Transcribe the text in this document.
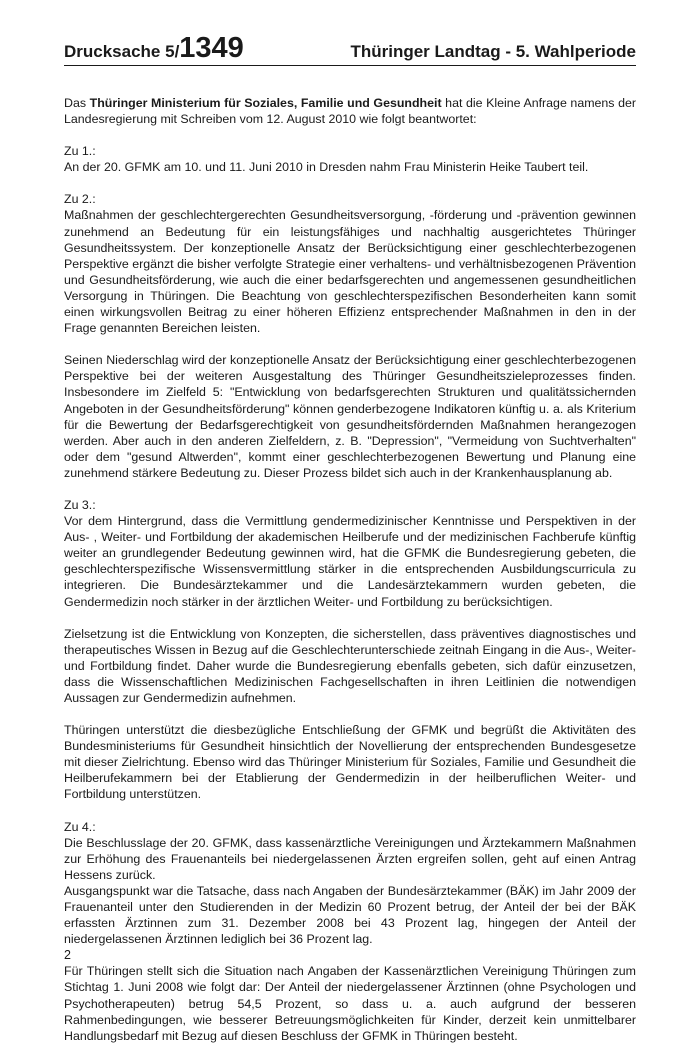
Drucksache 5/1349	Thüringer Landtag - 5. Wahlperiode

Das Thüringer Ministerium für Soziales, Familie und Gesundheit hat die Kleine Anfrage namens der Landesregierung mit Schreiben vom 12. August 2010 wie folgt beantwortet:

Zu 1.:
An der 20. GFMK am 10. und 11. Juni 2010 in Dresden nahm Frau Ministerin Heike Taubert teil.
Zu 2.:
Maßnahmen der geschlechtergerechten Gesundheitsversorgung, -förderung und -prävention gewinnen zunehmend an Bedeutung für ein leistungsfähiges und nachhaltig ausgerichtetes Thüringer Gesundheitssystem. Der konzeptionelle Ansatz der Berücksichtigung einer geschlechterbezogenen Perspektive ergänzt die bisher verfolgte Strategie einer verhaltens- und verhältnisbezogenen Prävention und Gesundheitsförderung, wie auch die einer bedarfsgerechten und angemessenen gesundheitlichen Versorgung in Thüringen. Die Beachtung von geschlechterspezifischen Besonderheiten kann somit einen wirkungsvollen Beitrag zu einer höheren Effizienz entsprechender Maßnahmen in den in der Frage genannten Bereichen leisten.

Seinen Niederschlag wird der konzeptionelle Ansatz der Berücksichtigung einer geschlechterbezogenen Perspektive bei der weiteren Ausgestaltung des Thüringer Gesundheitszieleprozesses finden. Insbesondere im Zielfeld 5: "Entwicklung von bedarfsgerechten Strukturen und qualitätssichernden Angeboten in der Gesundheitsförderung" können genderbezogene Indikatoren künftig u. a. als Kriterium für die Bewertung der Bedarfsgerechtigkeit von gesundheitsfördernden Maßnahmen herangezogen werden. Aber auch in den anderen Zielfeldern, z. B. "Depression", "Vermeidung von Suchtverhalten" oder dem "gesund Altwerden", kommt einer geschlechterbezogenen Bewertung und Planung eine zunehmend stärkere Bedeutung zu. Dieser Prozess bildet sich auch in der Krankenhausplanung ab.

Zu 3.:
Vor dem Hintergrund, dass die Vermittlung gendermedizinischer Kenntnisse und Perspektiven in der Aus- , Weiter- und Fortbildung der akademischen Heilberufe und der medizinischen Fachberufe künftig weiter an grundlegender Bedeutung gewinnen wird, hat die GFMK die Bundesregierung gebeten, die geschlechterspezifische Wissensvermittlung stärker in die entsprechenden Ausbildungscurricula zu integrieren. Die Bundesärztekammer und die Landesärztekammern wurden gebeten, die Gendermedizin noch stärker in der ärztlichen Weiter- und Fortbildung zu berücksichtigen.

Zielsetzung ist die Entwicklung von Konzepten, die sicherstellen, dass präventives diagnostisches und therapeutisches Wissen in Bezug auf die Geschlechterunterschiede zeitnah Eingang in die Aus-, Weiter- und Fortbildung findet. Daher wurde die Bundesregierung ebenfalls gebeten, sich dafür einzusetzen, dass die Wissenschaftlichen Medizinischen Fachgesellschaften in ihren Leitlinien die notwendigen Aussagen zur Gendermedizin aufnehmen.

Thüringen unterstützt die diesbezügliche Entschließung der GFMK und begrüßt die Aktivitäten des Bundesministeriums für Gesundheit hinsichtlich der Novellierung der entsprechenden Bundesgesetze mit dieser Zielrichtung. Ebenso wird das Thüringer Ministerium für Soziales, Familie und Gesundheit die Heilberufekammern bei der Etablierung der Gendermedizin in der heilberuflichen Weiter- und Fortbildung unterstützen.

Zu 4.:
Die Beschlusslage der 20. GFMK, dass kassenärztliche Vereinigungen und Ärztekammern Maßnahmen zur Erhöhung des Frauenanteils bei niedergelassenen Ärzten ergreifen sollen, geht auf einen Antrag Hessens zurück.

Ausgangspunkt war die Tatsache, dass nach Angaben der Bundesärztekammer (BÄK) im Jahr 2009 der Frauenanteil unter den Studierenden in der Medizin 60 Prozent betrug, der Anteil der bei der BÄK erfassten Ärztinnen zum 31. Dezember 2008 bei 43 Prozent lag, hingegen der Anteil der niedergelassenen Ärztinnen lediglich bei 36 Prozent lag.

Für Thüringen stellt sich die Situation nach Angaben der Kassenärztlichen Vereinigung Thüringen zum Stichtag 1. Juni 2008 wie folgt dar: Der Anteil der niedergelassener Ärztinnen (ohne Psychologen und Psychotherapeuten) betrug 54,5 Prozent, so dass u. a. auch aufgrund der besseren Rahmenbedingungen, wie besserer Betreuungsmöglichkeiten für Kinder, derzeit kein unmittelbarer Handlungsbedarf mit Bezug auf diesen Beschluss der GFMK in Thüringen besteht.

2
